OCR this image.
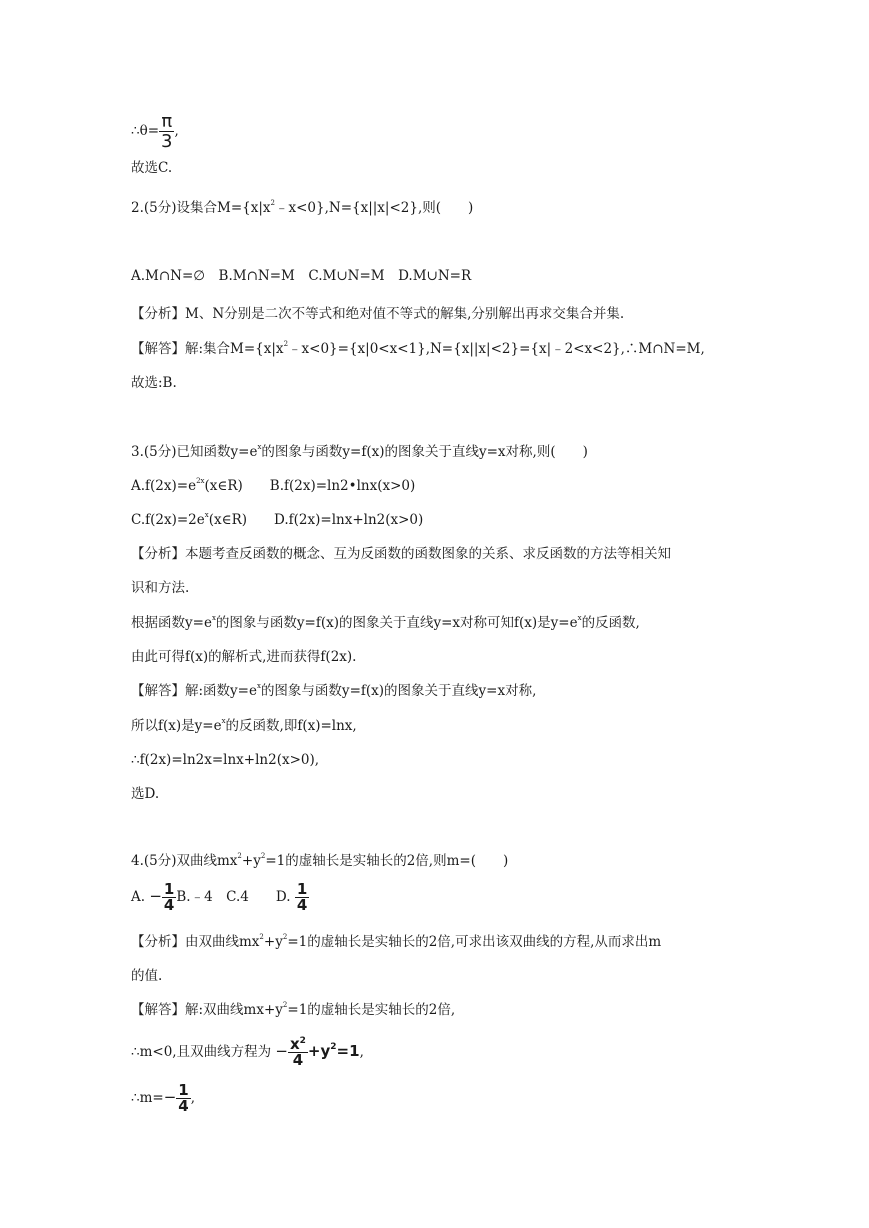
∴θ= $\frac{\pi}{3}$ ,
故选C.
2.(5分)设集合$M=\{x|x^2﹣x<0\},N=\{x||x|<2\}$,则(　　)
A.M∩N=∅　B.M∩N=M　C.M∪N=M　D.M∪N=R
【分析】M、N分别是二次不等式和绝对值不等式的解集,分别解出再求交集合并集.
【解答】解:集合$M=\{x|x^2﹣x<0\}=\{x|0<x<1\},N=\{x||x|<2\}=\{x|﹣2<x<2\},\therefore M\cap N=M$,
故选:B.
3.(5分)已知函数$y=e^x$的图象与函数y=f(x)的图象关于直线y=x对称,则(　　)
$A.f(2x)=e^{2x}(x\in R)$　　B.f(2x)=ln2•lnx(x>0)
$C.f(2x)=2e^x(x\in R)$　　D.f(2x)=lnx+ln2(x>0)
【分析】本题考查反函数的概念、互为反函数的函数图象的关系、求反函数的方法等相关知
识和方法.
根据函数$y=e^x$的图象与函数y=f(x)的图象关于直线y=x对称可知f(x)是$y=e^x$的反函数,
由此可得f(x)的解析式,进而获得f(2x).
【解答】解:函数$y=e^x$的图象与函数y=f(x)的图象关于直线y=x对称,
所以f(x)是$y=e^x$的反函数,即f(x)=lnx,
∴f(2x)=ln2x=lnx+ln2(x>0),
选D.
4.(5分)双曲线$mx^2+y^2=1$的虚轴长是实轴长的2倍,则m=(　　)
A. − $\frac{1}{4}$ B.﹣4　C.4　　D. $\frac{1}{4}$
【分析】由双曲线$mx^2+y^2=1$的虚轴长是实轴长的2倍,可求出该双曲线的方程,从而求出m
的值.
【解答】解:双曲线$mx+y^2=1$的虚轴长是实轴长的2倍,
∴m<0,且双曲线方程为 − $\frac{x^2}{4} +y^2=1$,
∴m=− $\frac{1}{4}$ ,
